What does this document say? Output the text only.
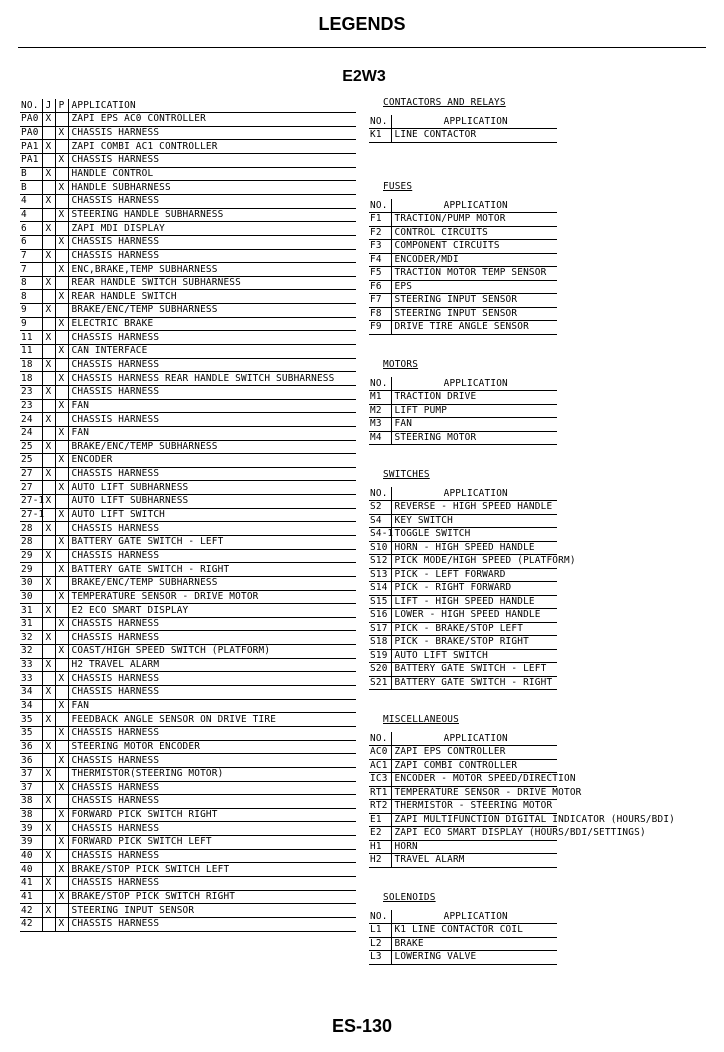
LEGENDS
E2W3
NO.	J	P	APPLICATION
PA0	X		ZAPI EPS AC0 CONTROLLER
PA0		X	CHASSIS HARNESS
PA1	X		ZAPI COMBI AC1 CONTROLLER
PA1		X	CHASSIS HARNESS
B	X		HANDLE CONTROL
B		X	HANDLE SUBHARNESS
4	X		CHASSIS HARNESS
4		X	STEERING HANDLE SUBHARNESS
6	X		ZAPI MDI DISPLAY
6		X	CHASSIS HARNESS
7	X		CHASSIS HARNESS
7		X	ENC,BRAKE,TEMP SUBHARNESS
8	X		REAR HANDLE SWITCH SUBHARNESS
8		X	REAR HANDLE SWITCH
9	X		BRAKE/ENC/TEMP SUBHARNESS
9		X	ELECTRIC BRAKE
11	X		CHASSIS HARNESS
11		X	CAN INTERFACE
18	X		CHASSIS HARNESS
18		X	CHASSIS HARNESS REAR HANDLE SWITCH SUBHARNESS
23	X		CHASSIS HARNESS
23		X	FAN
24	X		CHASSIS HARNESS
24		X	FAN
25	X		BRAKE/ENC/TEMP SUBHARNESS
25		X	ENCODER
27	X		CHASSIS HARNESS
27		X	AUTO LIFT SUBHARNESS
27-1	X		AUTO LIFT SUBHARNESS
27-1		X	AUTO LIFT SWITCH
28	X		CHASSIS HARNESS
28		X	BATTERY GATE SWITCH - LEFT
29	X		CHASSIS HARNESS
29		X	BATTERY GATE SWITCH - RIGHT
30	X		BRAKE/ENC/TEMP SUBHARNESS
30		X	TEMPERATURE SENSOR - DRIVE MOTOR
31	X		E2 ECO SMART DISPLAY
31		X	CHASSIS HARNESS
32	X		CHASSIS HARNESS
32		X	COAST/HIGH SPEED SWITCH (PLATFORM)
33	X		H2 TRAVEL ALARM
33		X	CHASSIS HARNESS
34	X		CHASSIS HARNESS
34		X	FAN
35	X		FEEDBACK ANGLE SENSOR ON DRIVE TIRE
35		X	CHASSIS HARNESS
36	X		STEERING MOTOR ENCODER
36		X	CHASSIS HARNESS
37	X		THERMISTOR(STEERING MOTOR)
37		X	CHASSIS HARNESS
38	X		CHASSIS HARNESS
38		X	FORWARD PICK SWITCH RIGHT
39	X		CHASSIS HARNESS
39		X	FORWARD PICK SWITCH LEFT
40	X		CHASSIS HARNESS
40		X	BRAKE/STOP PICK SWITCH LEFT
41	X		CHASSIS HARNESS
41		X	BRAKE/STOP PICK SWITCH RIGHT
42	X		STEERING INPUT SENSOR
42		X	CHASSIS HARNESS
CONTACTORS AND RELAYS
NO.	APPLICATION
K1	LINE CONTACTOR
FUSES
NO.	APPLICATION
F1	TRACTION/PUMP MOTOR
F2	CONTROL CIRCUITS
F3	COMPONENT CIRCUITS
F4	ENCODER/MDI
F5	TRACTION MOTOR TEMP SENSOR
F6	EPS
F7	STEERING INPUT SENSOR
F8	STEERING INPUT SENSOR
F9	DRIVE TIRE ANGLE SENSOR
MOTORS
NO.	APPLICATION
M1	TRACTION DRIVE
M2	LIFT PUMP
M3	FAN
M4	STEERING MOTOR
SWITCHES
NO.	APPLICATION
S2	REVERSE - HIGH SPEED HANDLE
S4	KEY SWITCH
S4-1	TOGGLE SWITCH
S10	HORN - HIGH SPEED HANDLE
S12	PICK MODE/HIGH SPEED (PLATFORM)
S13	PICK - LEFT FORWARD
S14	PICK - RIGHT FORWARD
S15	LIFT - HIGH SPEED HANDLE
S16	LOWER - HIGH SPEED HANDLE
S17	PICK - BRAKE/STOP LEFT
S18	PICK - BRAKE/STOP RIGHT
S19	AUTO LIFT SWITCH
S20	BATTERY GATE SWITCH - LEFT
S21	BATTERY GATE SWITCH - RIGHT
MISCELLANEOUS
NO.	APPLICATION
AC0	ZAPI EPS CONTROLLER
AC1	ZAPI COMBI CONTROLLER
IC3	ENCODER - MOTOR SPEED/DIRECTION
RT1	TEMPERATURE SENSOR - DRIVE MOTOR
RT2	THERMISTOR - STEERING MOTOR
E1	ZAPI MULTIFUNCTION DIGITAL INDICATOR (HOURS/BDI)
E2	ZAPI ECO SMART DISPLAY (HOURS/BDI/SETTINGS)
H1	HORN
H2	TRAVEL ALARM
SOLENOIDS
NO.	APPLICATION
L1	K1 LINE CONTACTOR COIL
L2	BRAKE
L3	LOWERING VALVE
ES-130
